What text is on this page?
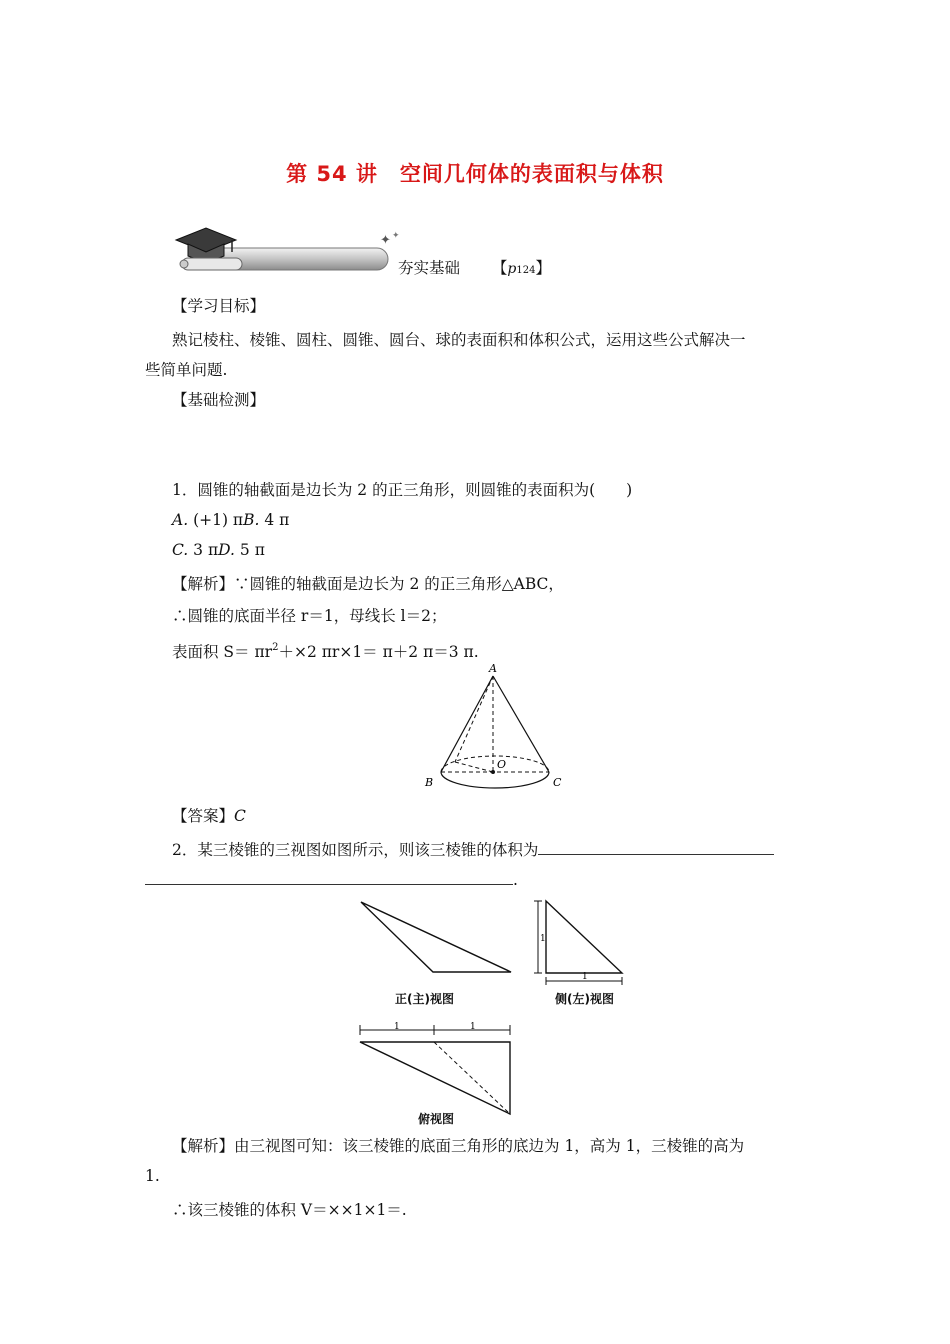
第 54 讲　空间几何体的表面积与体积
✦ ✦
夯实基础 【p124】
【学习目标】
熟记棱柱、棱锥、圆柱、圆锥、圆台、球的表面积和体积公式，运用这些公式解决一
些简单问题.
【基础检测】
1．圆锥的轴截面是边长为 2 的正三角形，则圆锥的表面积为(　　)
A. (+1) πB. 4 π
C. 3 πD. 5 π
【解析】∵圆锥的轴截面是边长为 2 的正三角形△ABC，
∴圆锥的底面半径 r＝1，母线长 l＝2；
表面积 $S= \pi r^2+\times 2$ πr×1＝ π＋2 π＝3 π.
A
B	C
O
【答案】C
2．某三棱锥的三视图如图所示，则该三棱锥的体积为
.
正(主)视图
1
1
侧(左)视图
1	1
俯视图
【解析】由三视图可知：该三棱锥的底面三角形的底边为 1，高为 1，三棱锥的高为
1.
∴该三棱锥的体积 V＝××1×1＝.
